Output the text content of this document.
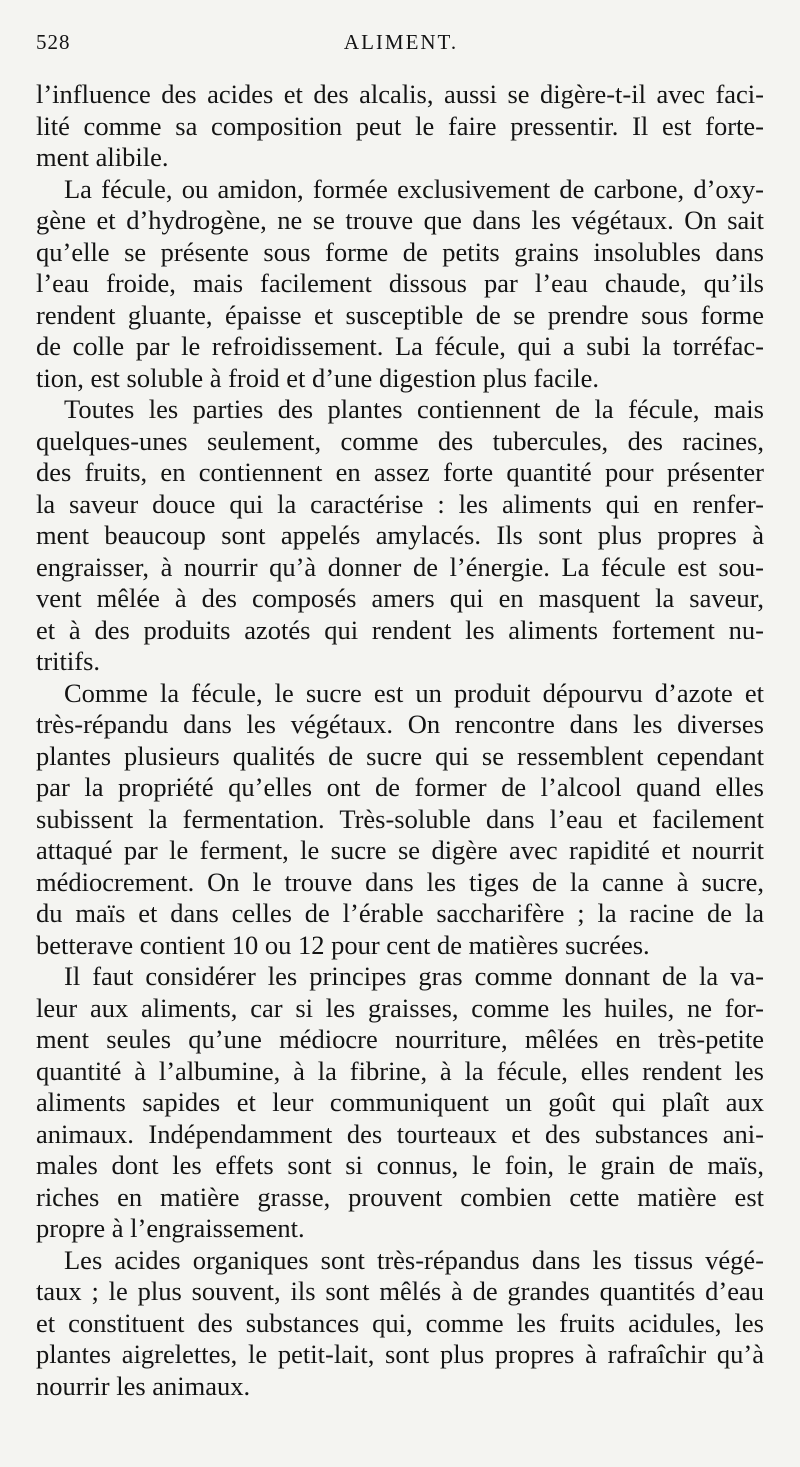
528	ALIMENT.
l’influence des acides et des alcalis, aussi se digère-t-il avec faci-
lité comme sa composition peut le faire pressentir. Il est forte-
ment alibile.
La fécule, ou amidon, formée exclusivement de carbone, d’oxy-
gène et d’hydrogène, ne se trouve que dans les végétaux. On sait
qu’elle se présente sous forme de petits grains insolubles dans
l’eau froide, mais facilement dissous par l’eau chaude, qu’ils
rendent gluante, épaisse et susceptible de se prendre sous forme
de colle par le refroidissement. La fécule, qui a subi la torréfac-
tion, est soluble à froid et d’une digestion plus facile.
Toutes les parties des plantes contiennent de la fécule, mais
quelques-unes seulement, comme des tubercules, des racines,
des fruits, en contiennent en assez forte quantité pour présenter
la saveur douce qui la caractérise : les aliments qui en renfer-
ment beaucoup sont appelés amylacés. Ils sont plus propres à
engraisser, à nourrir qu’à donner de l’énergie. La fécule est sou-
vent mêlée à des composés amers qui en masquent la saveur,
et à des produits azotés qui rendent les aliments fortement nu-
tritifs.
Comme la fécule, le sucre est un produit dépourvu d’azote et
très-répandu dans les végétaux. On rencontre dans les diverses
plantes plusieurs qualités de sucre qui se ressemblent cependant
par la propriété qu’elles ont de former de l’alcool quand elles
subissent la fermentation. Très-soluble dans l’eau et facilement
attaqué par le ferment, le sucre se digère avec rapidité et nourrit
médiocrement. On le trouve dans les tiges de la canne à sucre,
du maïs et dans celles de l’érable saccharifère ; la racine de la
betterave contient 10 ou 12 pour cent de matières sucrées.
Il faut considérer les principes gras comme donnant de la va-
leur aux aliments, car si les graisses, comme les huiles, ne for-
ment seules qu’une médiocre nourriture, mêlées en très-petite
quantité à l’albumine, à la fibrine, à la fécule, elles rendent les
aliments sapides et leur communiquent un goût qui plaît aux
animaux. Indépendamment des tourteaux et des substances ani-
males dont les effets sont si connus, le foin, le grain de maïs,
riches en matière grasse, prouvent combien cette matière est
propre à l’engraissement.
Les acides organiques sont très-répandus dans les tissus végé-
taux ; le plus souvent, ils sont mêlés à de grandes quantités d’eau
et constituent des substances qui, comme les fruits acidules, les
plantes aigrelettes, le petit-lait, sont plus propres à rafraîchir qu’à
nourrir les animaux.
